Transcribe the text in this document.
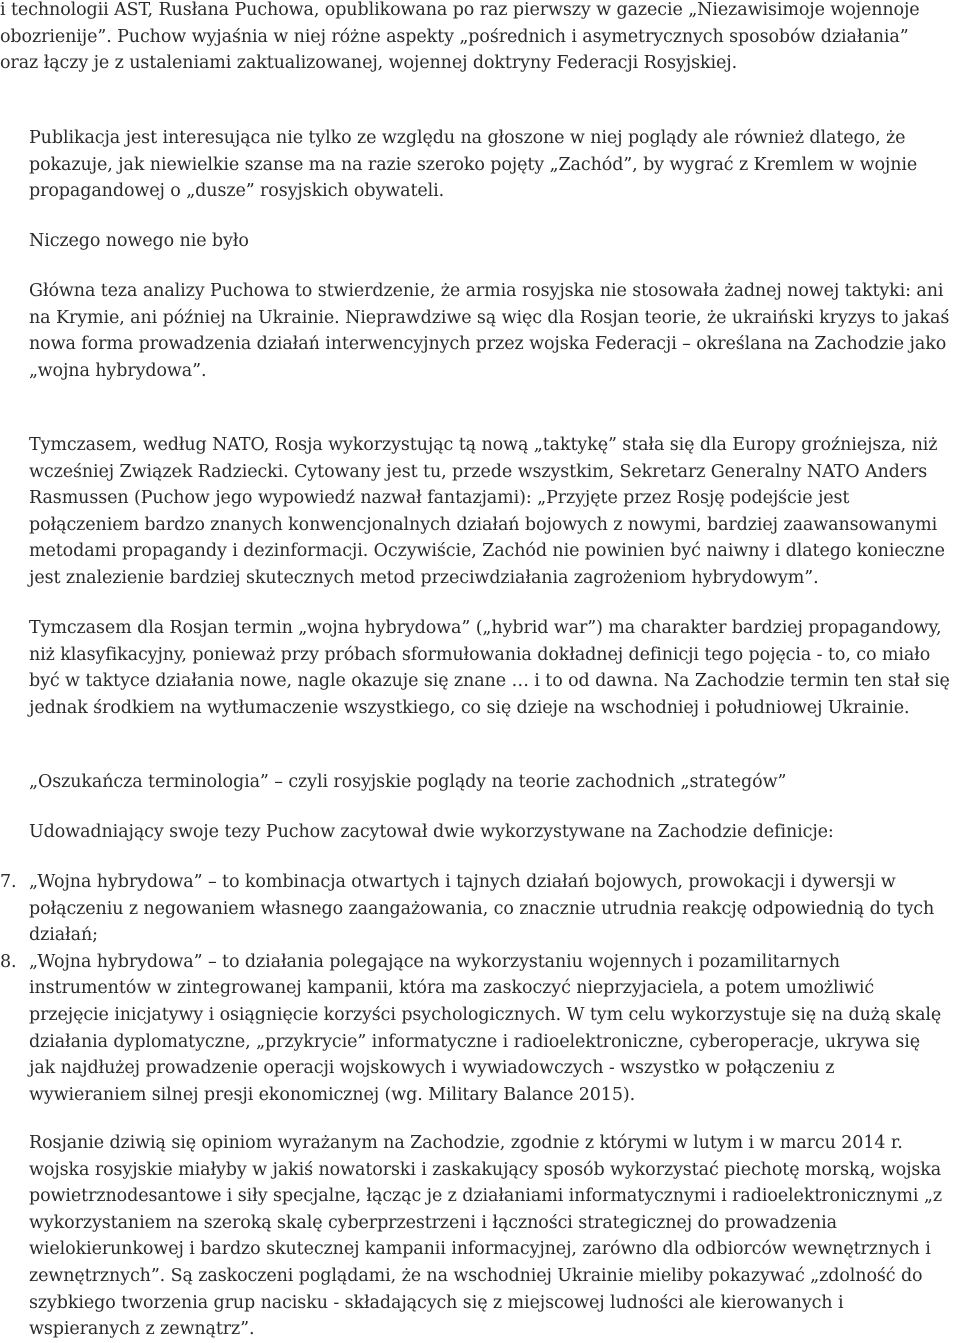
i technologii AST, Rusłana Puchowa, opublikowana po raz pierwszy w gazecie „Niezawisimoje wojennoje obozrienije”. Puchow wyjaśnia w niej różne aspekty „pośrednich i asymetrycznych sposobów działania” oraz łączy je z ustaleniami zaktualizowanej, wojennej doktryny Federacji Rosyjskiej.

Publikacja jest interesująca nie tylko ze względu na głoszone w niej poglądy ale również dlatego, że pokazuje, jak niewielkie szanse ma na razie szeroko pojęty „Zachód”, by wygrać z Kremlem w wojnie propagandowej o „dusze” rosyjskich obywateli.

Niczego nowego nie było

Główna teza analizy Puchowa to stwierdzenie, że armia rosyjska nie stosowała żadnej nowej taktyki: ani na Krymie, ani później na Ukrainie. Nieprawdziwe są więc dla Rosjan teorie, że ukraiński kryzys to jakaś nowa forma prowadzenia działań interwencyjnych przez wojska Federacji – określana na Zachodzie jako „wojna hybrydowa”.

Tymczasem, według NATO, Rosja wykorzystując tą nową „taktykę” stała się dla Europy groźniejsza, niż wcześniej Związek Radziecki. Cytowany jest tu, przede wszystkim, Sekretarz Generalny NATO Anders Rasmussen (Puchow jego wypowiedź nazwał fantazjami): „Przyjęte przez Rosję podejście jest połączeniem bardzo znanych konwencjonalnych działań bojowych z nowymi, bardziej zaawansowanymi metodami propagandy i dezinformacji. Oczywiście, Zachód nie powinien być naiwny i dlatego konieczne jest znalezienie bardziej skutecznych metod przeciwdziałania zagrożeniom hybrydowym”.

Tymczasem dla Rosjan termin „wojna hybrydowa” („hybrid war”) ma charakter bardziej propagandowy, niż klasyfikacyjny, ponieważ przy próbach sformułowania dokładnej definicji tego pojęcia - to, co miało być w taktyce działania nowe, nagle okazuje się znane … i to od dawna. Na Zachodzie termin ten stał się jednak środkiem na wytłumaczenie wszystkiego, co się dzieje na wschodniej i południowej Ukrainie.

„Oszukańcza terminologia” – czyli rosyjskie poglądy na teorie zachodnich „strategów”

Udowadniający swoje tezy Puchow zacytował dwie wykorzystywane na Zachodzie definicje:

7. „Wojna hybrydowa” – to kombinacja otwartych i tajnych działań bojowych, prowokacji i dywersji w połączeniu z negowaniem własnego zaangażowania, co znacznie utrudnia reakcję odpowiednią do tych działań;
8. „Wojna hybrydowa” – to działania polegające na wykorzystaniu wojennych i pozamilitarnych instrumentów w zintegrowanej kampanii, która ma zaskoczyć nieprzyjaciela, a potem umożliwić przejęcie inicjatywy i osiągnięcie korzyści psychologicznych. W tym celu wykorzystuje się na dużą skalę działania dyplomatyczne, „przykrycie” informatyczne i radioelektroniczne, cyberoperacje, ukrywa się jak najdłużej prowadzenie operacji wojskowych i wywiadowczych - wszystko w połączeniu z wywieraniem silnej presji ekonomicznej (wg. Military Balance 2015).

Rosjanie dziwią się opiniom wyrażanym na Zachodzie, zgodnie z którymi w lutym i w marcu 2014 r. wojska rosyjskie miałyby w jakiś nowatorski i zaskakujący sposób wykorzystać piechotę morską, wojska powietrznodesantowe i siły specjalne, łącząc je z działaniami informatycznymi i radioelektronicznymi „z wykorzystaniem na szeroką skalę cyberprzestrzeni i łączności strategicznej do prowadzenia wielokierunkowej i bardzo skutecznej kampanii informacyjnej, zarówno dla odbiorców wewnętrznych i zewnętrznych”. Są zaskoczeni poglądami, że na wschodniej Ukrainie mieliby pokazywać „zdolność do szybkiego tworzenia grup nacisku - składających się z miejscowej ludności ale kierowanych i wspieranych z zewnątrz”.
